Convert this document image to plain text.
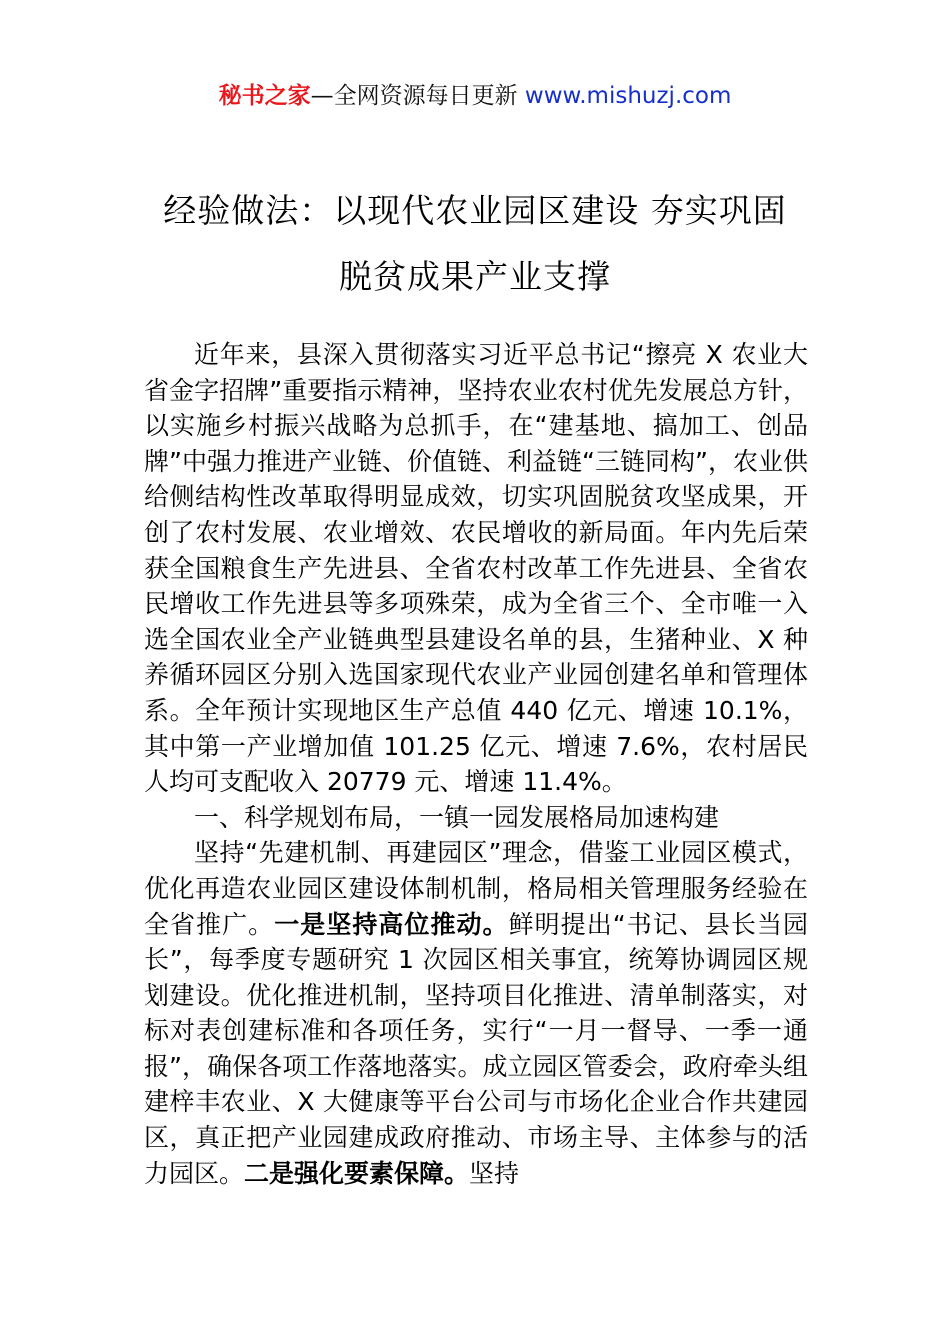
秘书之家—全网资源每日更新 www.mishuzj.com
经验做法：以现代农业园区建设 夯实巩固
脱贫成果产业支撑

近年来，县深入贯彻落实习近平总书记“擦亮 X 农业大省金字招牌”重要指示精神，坚持农业农村优先发展总方针，以实施乡村振兴战略为总抓手，在“建基地、搞加工、创品牌”中强力推进产业链、价值链、利益链“三链同构”，农业供给侧结构性改革取得明显成效，切实巩固脱贫攻坚成果，开创了农村发展、农业增效、农民增收的新局面。年内先后荣获全国粮食生产先进县、全省农村改革工作先进县、全省农民增收工作先进县等多项殊荣，成为全省三个、全市唯一入选全国农业全产业链典型县建设名单的县，生猪种业、X 种养循环园区分别入选国家现代农业产业园创建名单和管理体系。全年预计实现地区生产总值 440 亿元、增速 10.1%，其中第一产业增加值 101.25 亿元、增速 7.6%，农村居民人均可支配收入 20779 元、增速 11.4%。

一、科学规划布局，一镇一园发展格局加速构建

坚持“先建机制、再建园区”理念，借鉴工业园区模式，优化再造农业园区建设体制机制，格局相关管理服务经验在全省推广。一是坚持高位推动。鲜明提出“书记、县长当园长”，每季度专题研究 1 次园区相关事宜，统筹协调园区规划建设。优化推进机制，坚持项目化推进、清单制落实，对标对表创建标准和各项任务，实行“一月一督导、一季一通报”，确保各项工作落地落实。成立园区管委会，政府牵头组建梓丰农业、X 大健康等平台公司与市场化企业合作共建园区，真正把产业园建成政府推动、市场主导、主体参与的活力园区。二是强化要素保障。坚持
